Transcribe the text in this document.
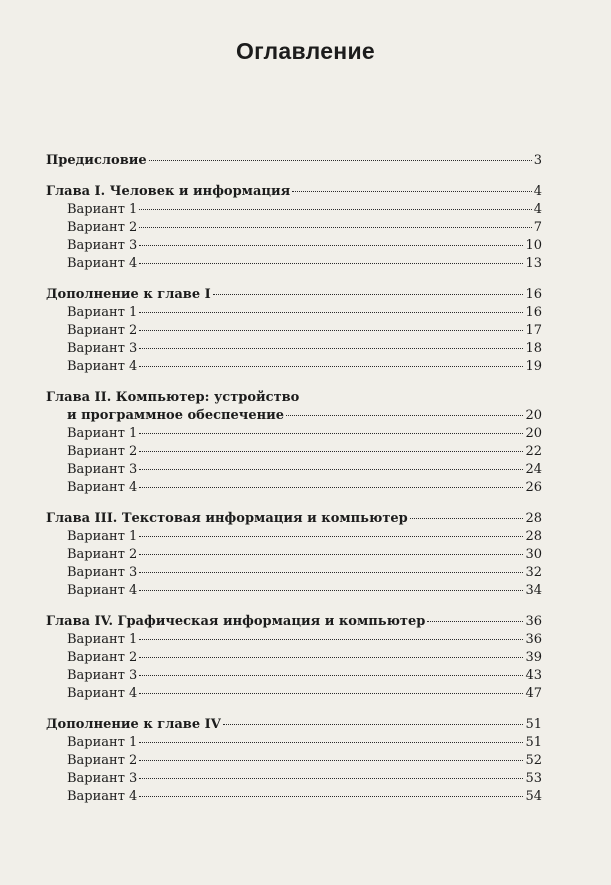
Оглавление
Предисловие	3
Глава I. Человек и информация	4
Вариант 1	4
Вариант 2	7
Вариант 3	10
Вариант 4	13
Дополнение к главе I	16
Вариант 1	16
Вариант 2	17
Вариант 3	18
Вариант 4	19
Глава II. Компьютер: устройство
и программное обеспечение	20
Вариант 1	20
Вариант 2	22
Вариант 3	24
Вариант 4	26
Глава III. Текстовая информация и компьютер	28
Вариант 1	28
Вариант 2	30
Вариант 3	32
Вариант 4	34
Глава IV. Графическая информация и компьютер	36
Вариант 1	36
Вариант 2	39
Вариант 3	43
Вариант 4	47
Дополнение к главе IV	51
Вариант 1	51
Вариант 2	52
Вариант 3	53
Вариант 4	54
